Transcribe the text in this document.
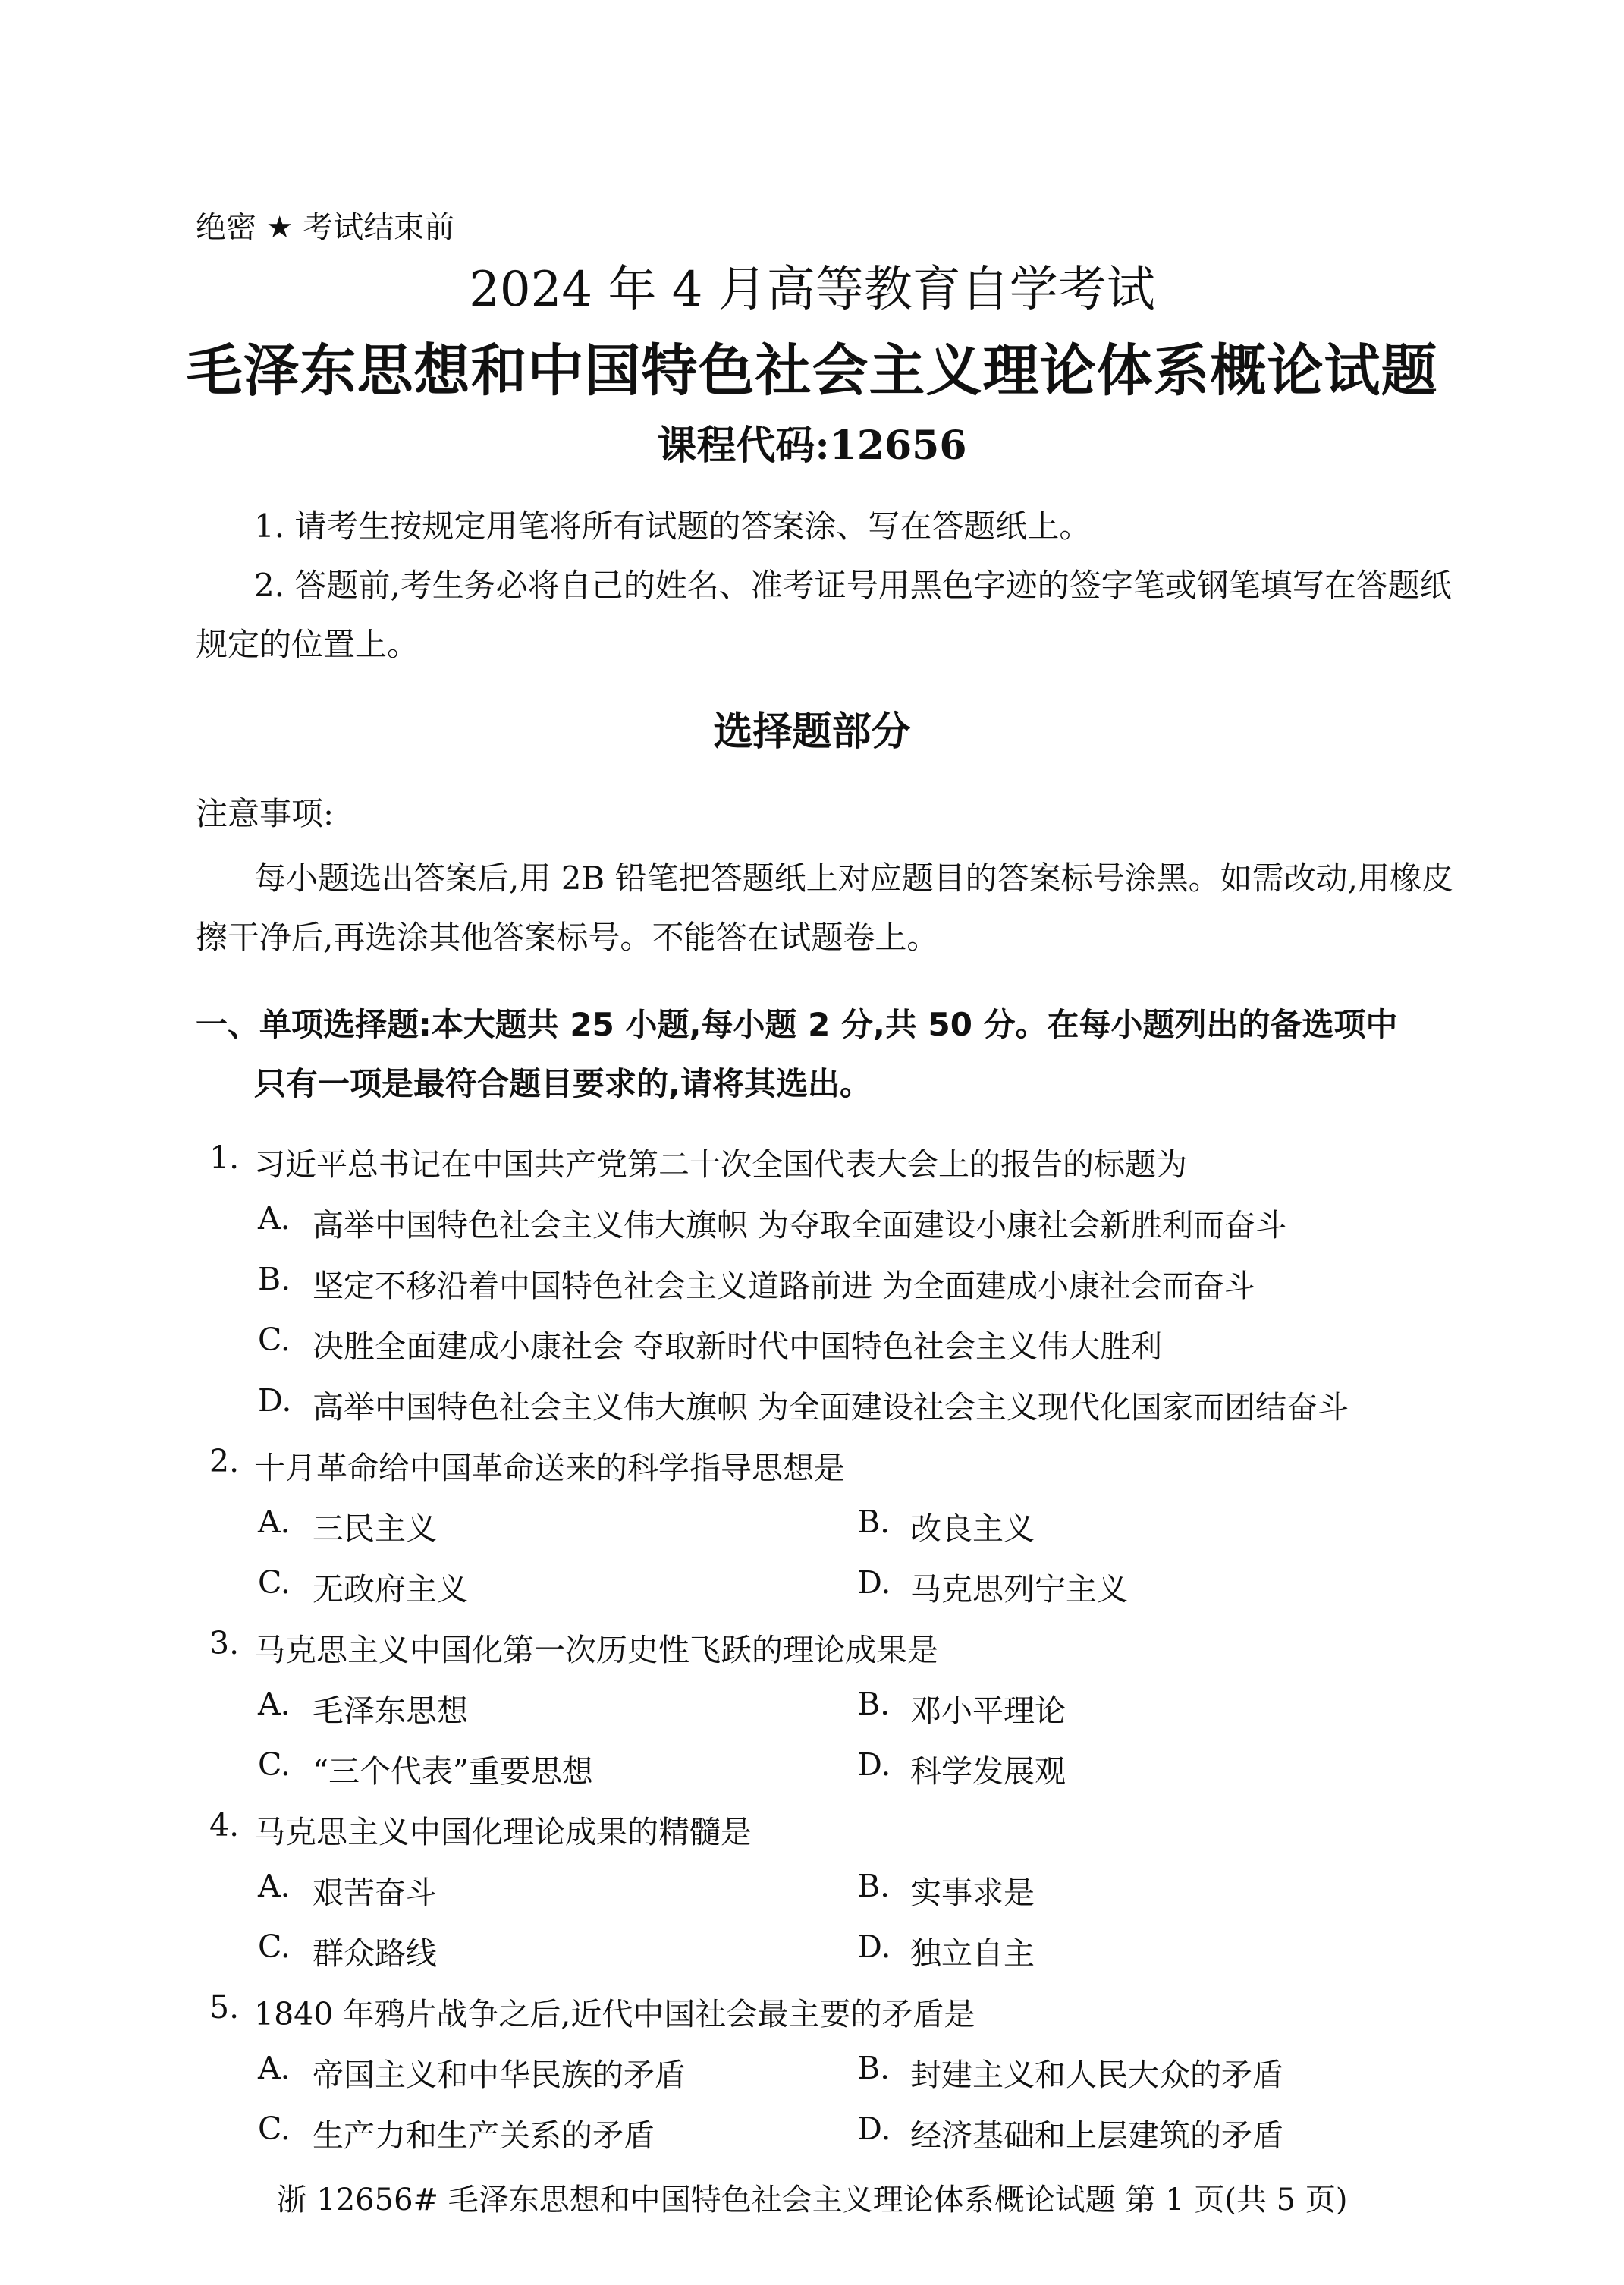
绝密 ★ 考试结束前
2024 年 4 月高等教育自学考试
毛泽东思想和中国特色社会主义理论体系概论试题
课程代码:12656
1. 请考生按规定用笔将所有试题的答案涂、写在答题纸上。
2. 答题前,考生务必将自己的姓名、准考证号用黑色字迹的签字笔或钢笔填写在答题纸
规定的位置上。
选择题部分
注意事项:
每小题选出答案后,用 2B 铅笔把答题纸上对应题目的答案标号涂黑。如需改动,用橡皮
擦干净后,再选涂其他答案标号。不能答在试题卷上。
一、单项选择题:本大题共 25 小题,每小题 2 分,共 50 分。在每小题列出的备选项中
只有一项是最符合题目要求的,请将其选出。
1. 习近平总书记在中国共产党第二十次全国代表大会上的报告的标题为
A. 高举中国特色社会主义伟大旗帜 为夺取全面建设小康社会新胜利而奋斗
B. 坚定不移沿着中国特色社会主义道路前进 为全面建成小康社会而奋斗
C. 决胜全面建成小康社会 夺取新时代中国特色社会主义伟大胜利
D. 高举中国特色社会主义伟大旗帜 为全面建设社会主义现代化国家而团结奋斗
2. 十月革命给中国革命送来的科学指导思想是
A. 三民主义	B. 改良主义
C. 无政府主义	D. 马克思列宁主义
3. 马克思主义中国化第一次历史性飞跃的理论成果是
A. 毛泽东思想	B. 邓小平理论
C. “三个代表”重要思想	D. 科学发展观
4. 马克思主义中国化理论成果的精髓是
A. 艰苦奋斗	B. 实事求是
C. 群众路线	D. 独立自主
5. 1840 年鸦片战争之后,近代中国社会最主要的矛盾是
A. 帝国主义和中华民族的矛盾	B. 封建主义和人民大众的矛盾
C. 生产力和生产关系的矛盾	D. 经济基础和上层建筑的矛盾
浙 12656# 毛泽东思想和中国特色社会主义理论体系概论试题 第 1 页(共 5 页)
